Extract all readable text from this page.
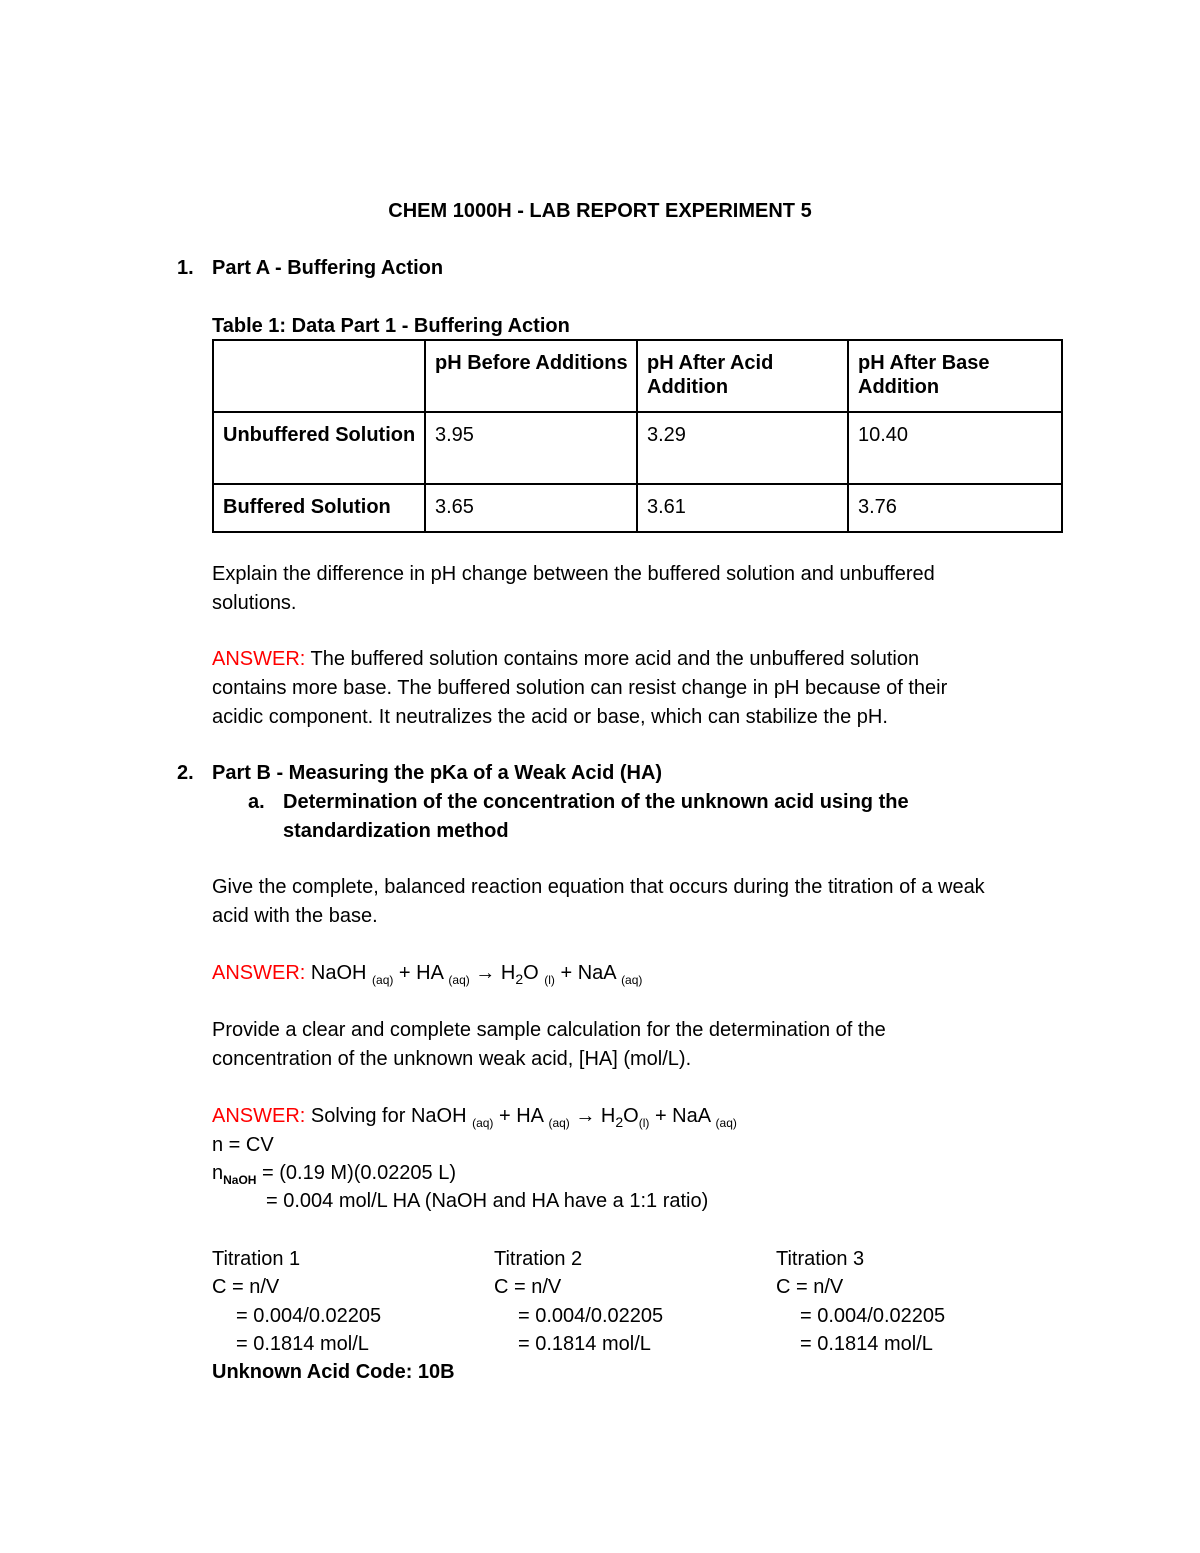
CHEM 1000H - LAB REPORT EXPERIMENT 5
1. Part A - Buffering Action
Table 1: Data Part 1 - Buffering Action
	pH Before Additions	pH After Acid Addition	pH After Base Addition
Unbuffered Solution	3.95	3.29	10.40
Buffered Solution	3.65	3.61	3.76
Explain the difference in pH change between the buffered solution and unbuffered
solutions.
ANSWER: The buffered solution contains more acid and the unbuffered solution
contains more base. The buffered solution can resist change in pH because of their
acidic component. It neutralizes the acid or base, which can stabilize the pH.
2. Part B - Measuring the pKa of a Weak Acid (HA)
a. Determination of the concentration of the unknown acid using the
standardization method
Give the complete, balanced reaction equation that occurs during the titration of a weak
acid with the base.
ANSWER: NaOH $_{(aq)}$ + HA $_{(aq)} \to H_2O$ $_{(l)}$ + NaA $_{(aq)}$
Provide a clear and complete sample calculation for the determination of the
concentration of the unknown weak acid, [HA] (mol/L).
ANSWER: Solving for NaOH $_{(aq)}$ + HA $_{(aq)} \to H_2O_{(l)}$ + NaA $_{(aq)}$
n = CV
$n_{NaOH} = (0.19$ M)(0.02205 L)
= 0.004 mol/L HA (NaOH and HA have a 1:1 ratio)
Titration 1
C = n/V
= 0.004/0.02205
= 0.1814 mol/L
Titration 2
C = n/V
= 0.004/0.02205
= 0.1814 mol/L
Titration 3
C = n/V
= 0.004/0.02205
= 0.1814 mol/L
Unknown Acid Code: 10B
